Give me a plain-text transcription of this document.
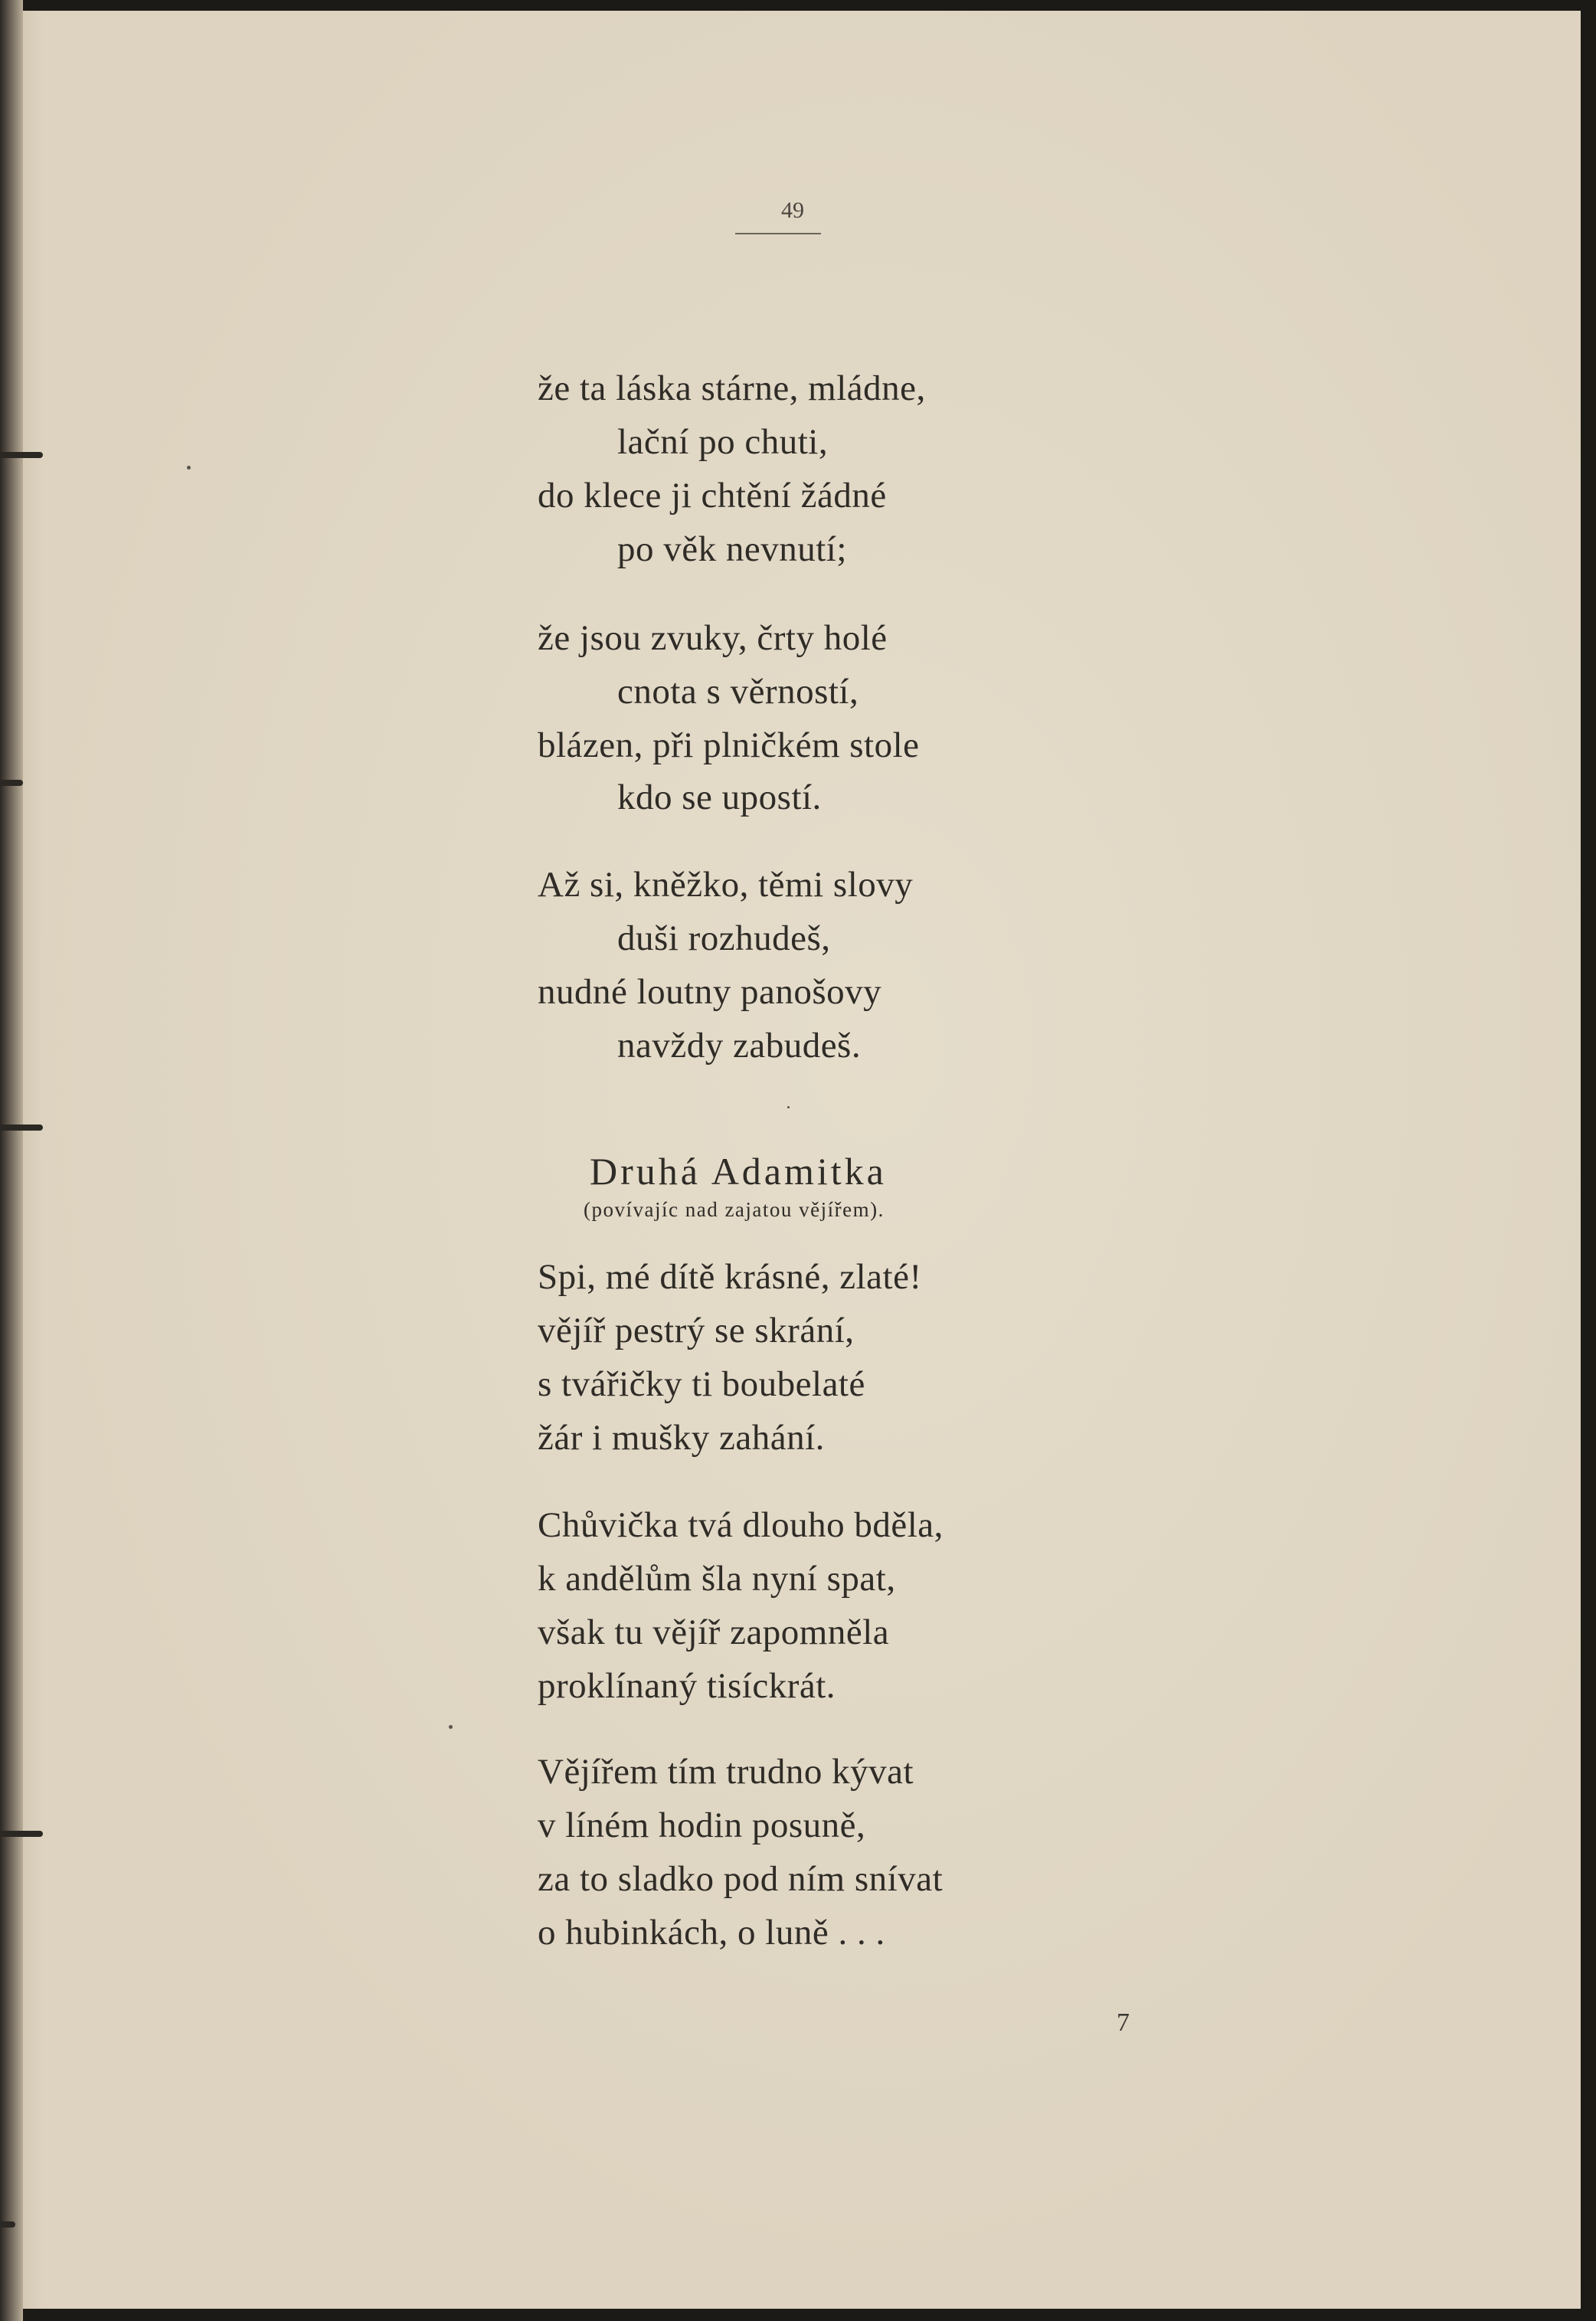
49
že ta láska stárne, mládne,
lační po chuti,
do klece ji chtění žádné
po věk nevnutí;
že jsou zvuky, črty holé
cnota s věrností,
blázen, při plničkém stole
kdo se upostí.
Až si, kněžko, těmi slovy
duši rozhudeš,
nudné loutny panošovy
navždy zabudeš.
Spi, mé dítě krásné, zlaté!
vějíř pestrý se skrání,
s tvářičky ti boubelaté
žár i mušky zahání.
Chůvička tvá dlouho bděla,
k andělům šla nyní spat,
však tu vějíř zapomněla
proklínaný tisíckrát.
Vějířem tím trudno kývat
v líném hodin posuně,
za to sladko pod ním snívat
o hubinkách, o luně . . .
Druhá Adamitka
(povívajíc nad zajatou vějířem).
7
